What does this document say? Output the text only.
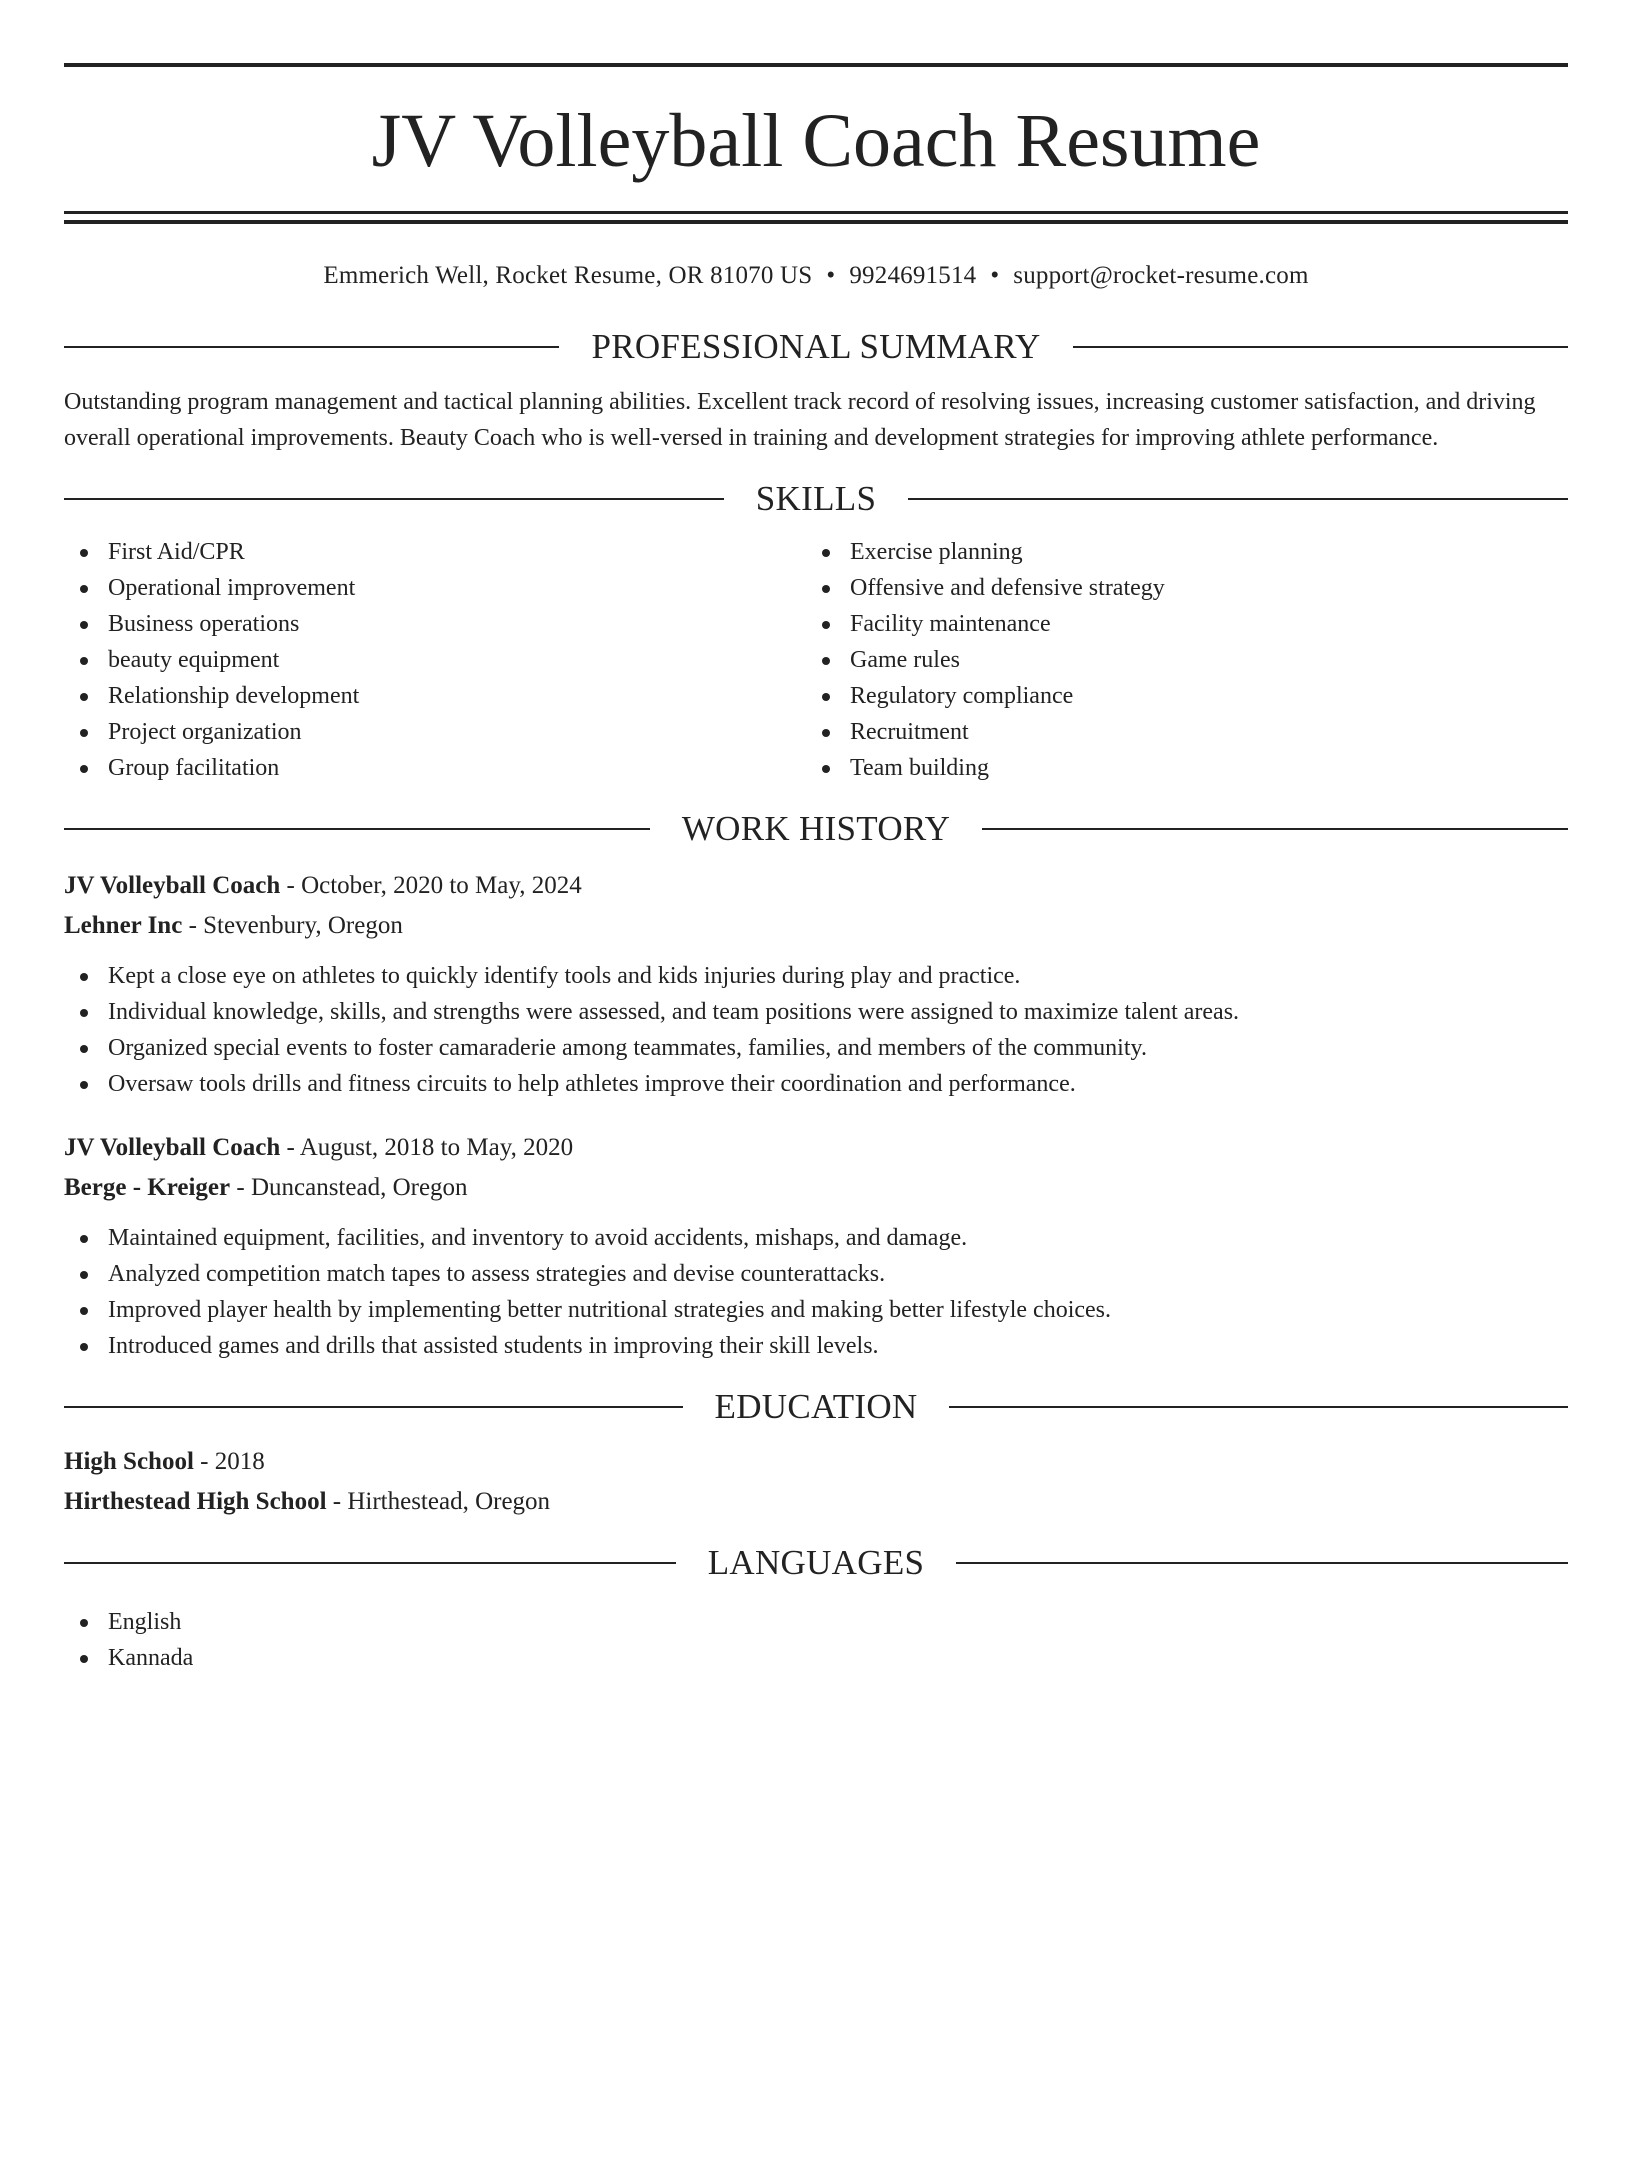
JV Volleyball Coach Resume
Emmerich Well, Rocket Resume, OR 81070 US • 9924691514 • support@rocket-resume.com
PROFESSIONAL SUMMARY

Outstanding program management and tactical planning abilities. Excellent track record of resolving issues, increasing customer satisfaction, and driving overall operational improvements. Beauty Coach who is well-versed in training and development strategies for improving athlete performance.

SKILLS
First Aid/CPR
Operational improvement
Business operations
beauty equipment
Relationship development
Project organization
Group facilitation
Exercise planning
Offensive and defensive strategy
Facility maintenance
Game rules
Regulatory compliance
Recruitment
Team building
WORK HISTORY
JV Volleyball Coach - October, 2020 to May, 2024
Lehner Inc - Stevenbury, Oregon
Kept a close eye on athletes to quickly identify tools and kids injuries during play and practice.
Individual knowledge, skills, and strengths were assessed, and team positions were assigned to maximize talent areas.
Organized special events to foster camaraderie among teammates, families, and members of the community.
Oversaw tools drills and fitness circuits to help athletes improve their coordination and performance.
JV Volleyball Coach - August, 2018 to May, 2020
Berge - Kreiger - Duncanstead, Oregon
Maintained equipment, facilities, and inventory to avoid accidents, mishaps, and damage.
Analyzed competition match tapes to assess strategies and devise counterattacks.
Improved player health by implementing better nutritional strategies and making better lifestyle choices.
Introduced games and drills that assisted students in improving their skill levels.
EDUCATION
High School - 2018
Hirthestead High School - Hirthestead, Oregon
LANGUAGES
English
Kannada
